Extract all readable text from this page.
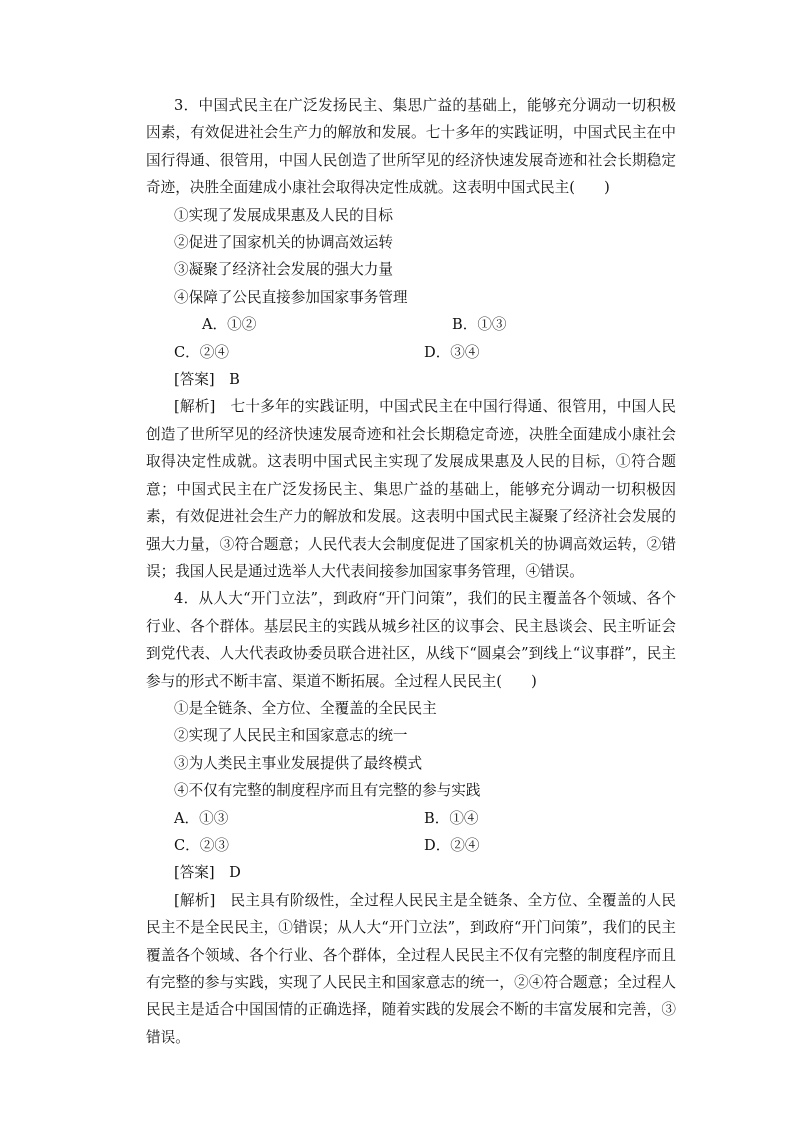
3．中国式民主在广泛发扬民主、集思广益的基础上，能够充分调动一切积极因素，有效促进社会生产力的解放和发展。七十多年的实践证明，中国式民主在中国行得通、很管用，中国人民创造了世所罕见的经济快速发展奇迹和社会长期稳定奇迹，决胜全面建成小康社会取得决定性成就。这表明中国式民主(　　)

①实现了发展成果惠及人民的目标

②促进了国家机关的协调高效运转

③凝聚了经济社会发展的强大力量

④保障了公民直接参加国家事务管理

A．①②	B．①③
C．②④	D．③④

[答案]　B

[解析]　七十多年的实践证明，中国式民主在中国行得通、很管用，中国人民创造了世所罕见的经济快速发展奇迹和社会长期稳定奇迹，决胜全面建成小康社会取得决定性成就。这表明中国式民主实现了发展成果惠及人民的目标，①符合题意；中国式民主在广泛发扬民主、集思广益的基础上，能够充分调动一切积极因素，有效促进社会生产力的解放和发展。这表明中国式民主凝聚了经济社会发展的强大力量，③符合题意；人民代表大会制度促进了国家机关的协调高效运转，②错误；我国人民是通过选举人大代表间接参加国家事务管理，④错误。

4．从人大“开门立法”，到政府“开门问策”，我们的民主覆盖各个领域、各个行业、各个群体。基层民主的实践从城乡社区的议事会、民主恳谈会、民主听证会到党代表、人大代表政协委员联合进社区，从线下“圆桌会”到线上“议事群”，民主参与的形式不断丰富、渠道不断拓展。全过程人民民主(　　)

①是全链条、全方位、全覆盖的全民民主

②实现了人民民主和国家意志的统一

③为人类民主事业发展提供了最终模式

④不仅有完整的制度程序而且有完整的参与实践

A．①③	B．①④
C．②③	D．②④

[答案]　D

[解析]　民主具有阶级性，全过程人民民主是全链条、全方位、全覆盖的人民民主不是全民民主，①错误；从人大“开门立法”，到政府“开门问策”，我们的民主覆盖各个领域、各个行业、各个群体，全过程人民民主不仅有完整的制度程序而且有完整的参与实践，实现了人民民主和国家意志的统一，②④符合题意；全过程人民民主是适合中国国情的正确选择，随着实践的发展会不断的丰富发展和完善，③错误。
